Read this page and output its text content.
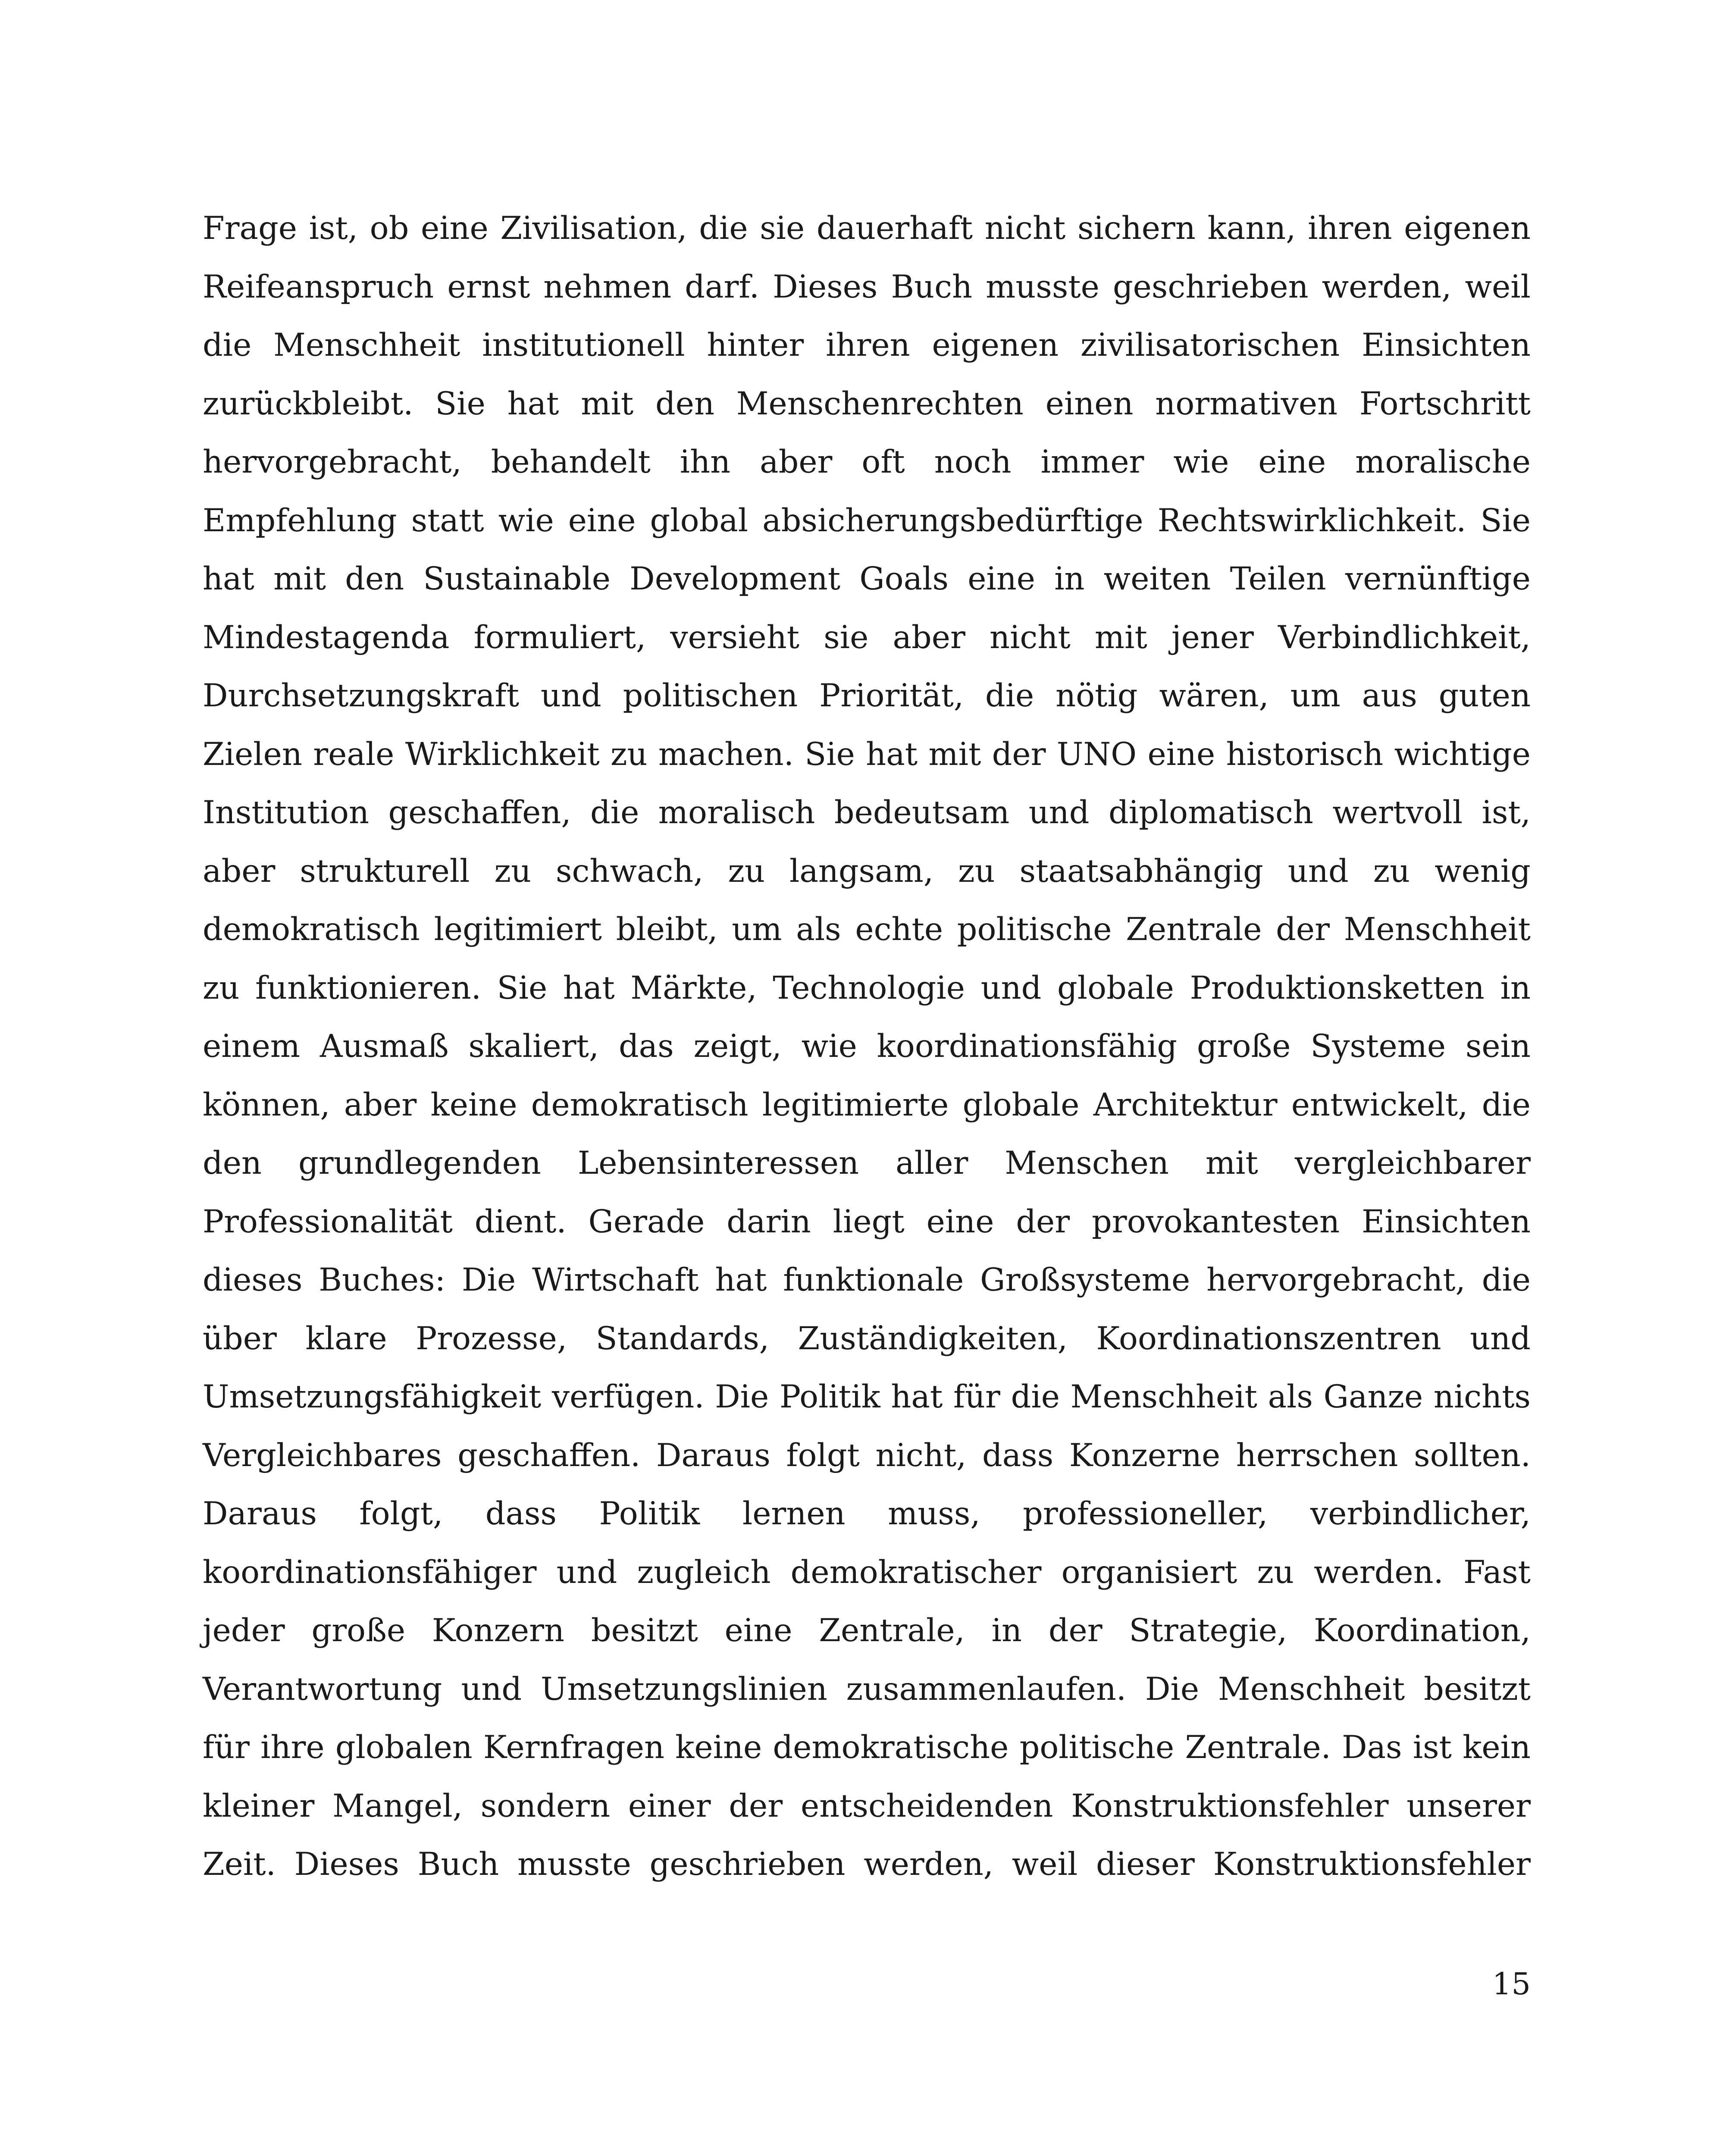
Frage ist, ob eine Zivilisation, die sie dauerhaft nicht sichern kann, ihren eigenen Reifeanspruch ernst nehmen darf. Dieses Buch musste geschrieben werden, weil die Menschheit institutionell hinter ihren eigenen zivilisatorischen Einsichten zurückbleibt. Sie hat mit den Menschenrechten einen normativen Fortschritt hervorgebracht, behandelt ihn aber oft noch immer wie eine moralische Empfehlung statt wie eine global absicherungsbedürftige Rechtswirklichkeit. Sie hat mit den Sustainable Development Goals eine in weiten Teilen vernünftige Mindestagenda formuliert, versieht sie aber nicht mit jener Verbindlichkeit, Durchsetzungskraft und politischen Priorität, die nötig wären, um aus guten Zielen reale Wirklichkeit zu machen. Sie hat mit der UNO eine historisch wichtige Institution geschaffen, die moralisch bedeutsam und diplomatisch wertvoll ist, aber strukturell zu schwach, zu langsam, zu staatsabhängig und zu wenig demokratisch legitimiert bleibt, um als echte politische Zentrale der Menschheit zu funktionieren. Sie hat Märkte, Technologie und globale Produktionsketten in einem Ausmaß skaliert, das zeigt, wie koordinationsfähig große Systeme sein können, aber keine demokratisch legitimierte globale Architektur entwickelt, die den grundlegenden Lebensinteressen aller Menschen mit vergleichbarer Professionalität dient. Gerade darin liegt eine der provokantesten Einsichten dieses Buches: Die Wirtschaft hat funktionale Großsysteme hervorgebracht, die über klare Prozesse, Standards, Zuständigkeiten, Koordinationszentren und Umsetzungsfähigkeit verfügen. Die Politik hat für die Menschheit als Ganze nichts Vergleichbares geschaffen. Daraus folgt nicht, dass Konzerne herrschen sollten. Daraus folgt, dass Politik lernen muss, professioneller, verbindlicher, koordinationsfähiger und zugleich demokratischer organisiert zu werden. Fast jeder große Konzern besitzt eine Zentrale, in der Strategie, Koordination, Verantwortung und Umsetzungslinien zusammenlaufen. Die Menschheit besitzt für ihre globalen Kernfragen keine demokratische politische Zentrale. Das ist kein kleiner Mangel, sondern einer der entscheidenden Konstruktionsfehler unserer Zeit. Dieses Buch musste geschrieben werden, weil dieser Konstruktionsfehler

15
